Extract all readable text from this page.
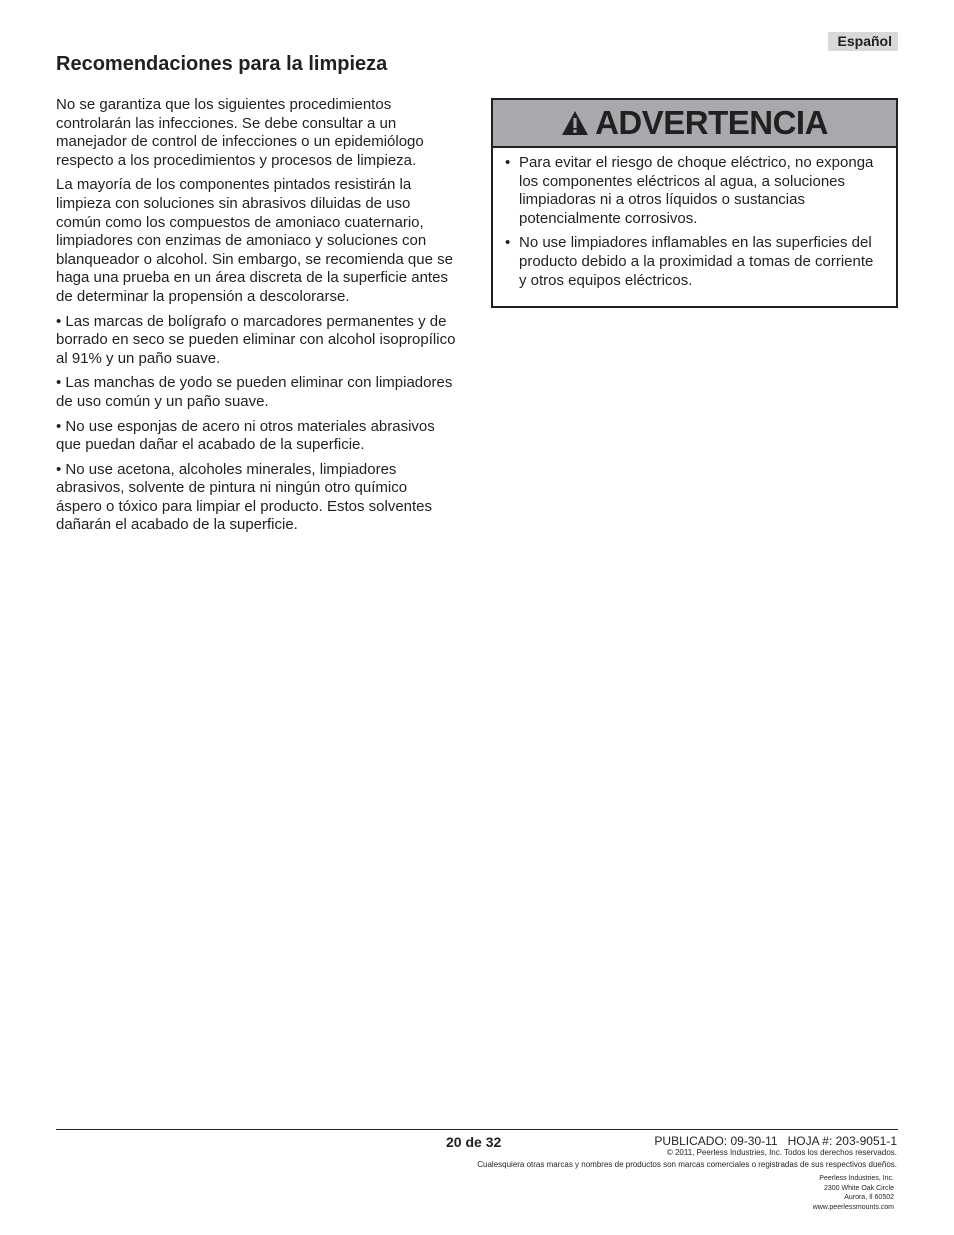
Español
Recomendaciones para la limpieza

No se garantiza que los siguientes procedimientos controlarán las infecciones. Se debe consultar a un manejador de control de infecciones o un epidemiólogo respecto a los procedimientos y procesos de limpieza.

La mayoría de los componentes pintados resistirán la limpieza con soluciones sin abrasivos diluidas de uso común como los compuestos de amoniaco cuaternario, limpiadores con enzimas de amoniaco y soluciones con blanqueador o alcohol. Sin embargo, se recomienda que se haga una prueba en un área discreta de la superficie antes de determinar la propensión a descolorarse.

• Las marcas de bolígrafo o marcadores permanentes y de borrado en seco se pueden eliminar con alcohol isopropílico al 91% y un paño suave.

• Las manchas de yodo se pueden eliminar con limpiadores de uso común y un paño suave.

• No use esponjas de acero ni otros materiales abrasivos que puedan dañar el acabado de la superficie.

• No use acetona, alcoholes minerales, limpiadores abrasivos, solvente de pintura ni ningún otro químico áspero o tóxico para limpiar el producto. Estos solventes dañarán el acabado de la superficie.

ADVERTENCIA
• Para evitar el riesgo de choque eléctrico, no exponga los componentes eléctricos al agua, a soluciones limpiadoras ni a otros líquidos o sustancias potencialmente corrosivos.
• No use limpiadores inflamables en las superficies del producto debido a la proximidad a tomas de corriente y otros equipos eléctricos.
20 de 32	PUBLICADO: 09-30-11   HOJA #: 203-9051-1
© 2011, Peerless Industries, Inc. Todos los derechos reservados.
Cualesquiera otras marcas y nombres de productos son marcas comerciales o registradas de sus respectivos dueños.
Peerless Industries, Inc.
2300 White Oak Circle
Aurora, Il 60502
www.peerlessmounts.com
